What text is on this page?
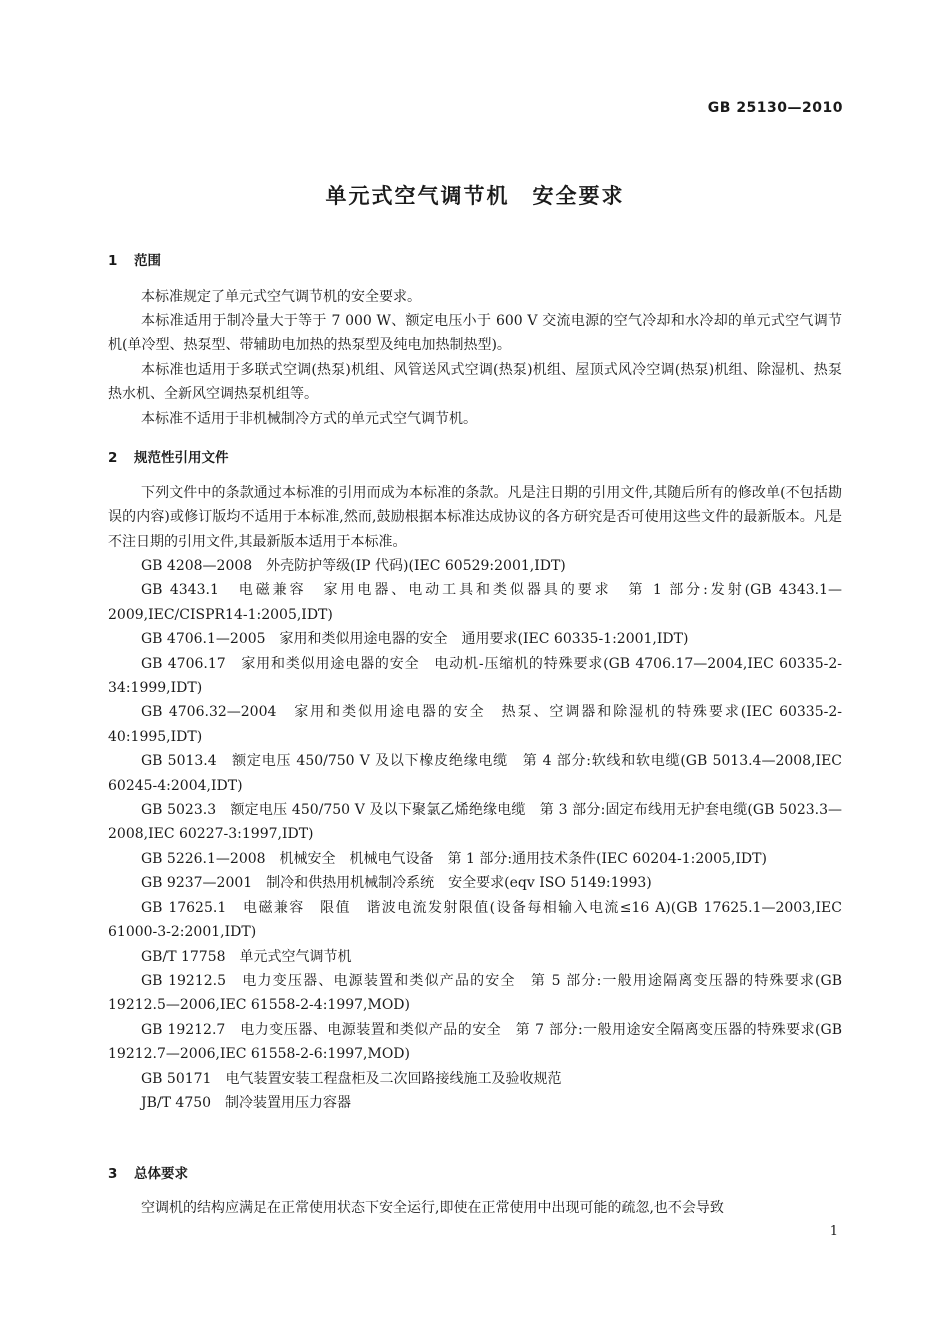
GB 25130—2010
单元式空气调节机　安全要求
1 范围
本标准规定了单元式空气调节机的安全要求。
本标准适用于制冷量大于等于 7 000 W、额定电压小于 600 V 交流电源的空气冷却和水冷却的单元式空气调节机(单冷型、热泵型、带辅助电加热的热泵型及纯电加热制热型)。
本标准也适用于多联式空调(热泵)机组、风管送风式空调(热泵)机组、屋顶式风冷空调(热泵)机组、除湿机、热泵热水机、全新风空调热泵机组等。
本标准不适用于非机械制冷方式的单元式空气调节机。
2 规范性引用文件
下列文件中的条款通过本标准的引用而成为本标准的条款。凡是注日期的引用文件,其随后所有的修改单(不包括勘误的内容)或修订版均不适用于本标准,然而,鼓励根据本标准达成协议的各方研究是否可使用这些文件的最新版本。凡是不注日期的引用文件,其最新版本适用于本标准。

GB 4208—2008　外壳防护等级(IP 代码)(IEC 60529:2001,IDT)

GB 4343.1　电磁兼容　家用电器、电动工具和类似器具的要求　第 1 部分:发射(GB 4343.1—2009,IEC/CISPR14-1:2005,IDT)

GB 4706.1—2005　家用和类似用途电器的安全　通用要求(IEC 60335-1:2001,IDT)

GB 4706.17　家用和类似用途电器的安全　电动机-压缩机的特殊要求(GB 4706.17—2004,IEC 60335-2-34:1999,IDT)

GB 4706.32—2004　家用和类似用途电器的安全　热泵、空调器和除湿机的特殊要求(IEC 60335-2-40:1995,IDT)

GB 5013.4　额定电压 450/750 V 及以下橡皮绝缘电缆　第 4 部分:软线和软电缆(GB 5013.4—2008,IEC 60245-4:2004,IDT)

GB 5023.3　额定电压 450/750 V 及以下聚氯乙烯绝缘电缆　第 3 部分:固定布线用无护套电缆(GB 5023.3—2008,IEC 60227-3:1997,IDT)

GB 5226.1—2008　机械安全　机械电气设备　第 1 部分:通用技术条件(IEC 60204-1:2005,IDT)

GB 9237—2001　制冷和供热用机械制冷系统　安全要求(eqv ISO 5149:1993)

GB 17625.1　电磁兼容　限值　谐波电流发射限值(设备每相输入电流≤16 A)(GB 17625.1—2003,IEC 61000-3-2:2001,IDT)

GB/T 17758　单元式空气调节机

GB 19212.5　电力变压器、电源装置和类似产品的安全　第 5 部分:一般用途隔离变压器的特殊要求(GB 19212.5—2006,IEC 61558-2-4:1997,MOD)

GB 19212.7　电力变压器、电源装置和类似产品的安全　第 7 部分:一般用途安全隔离变压器的特殊要求(GB 19212.7—2006,IEC 61558-2-6:1997,MOD)

GB 50171　电气装置安装工程盘柜及二次回路接线施工及验收规范

JB/T 4750　制冷装置用压力容器

3 总体要求
空调机的结构应满足在正常使用状态下安全运行,即使在正常使用中出现可能的疏忽,也不会导致
1
